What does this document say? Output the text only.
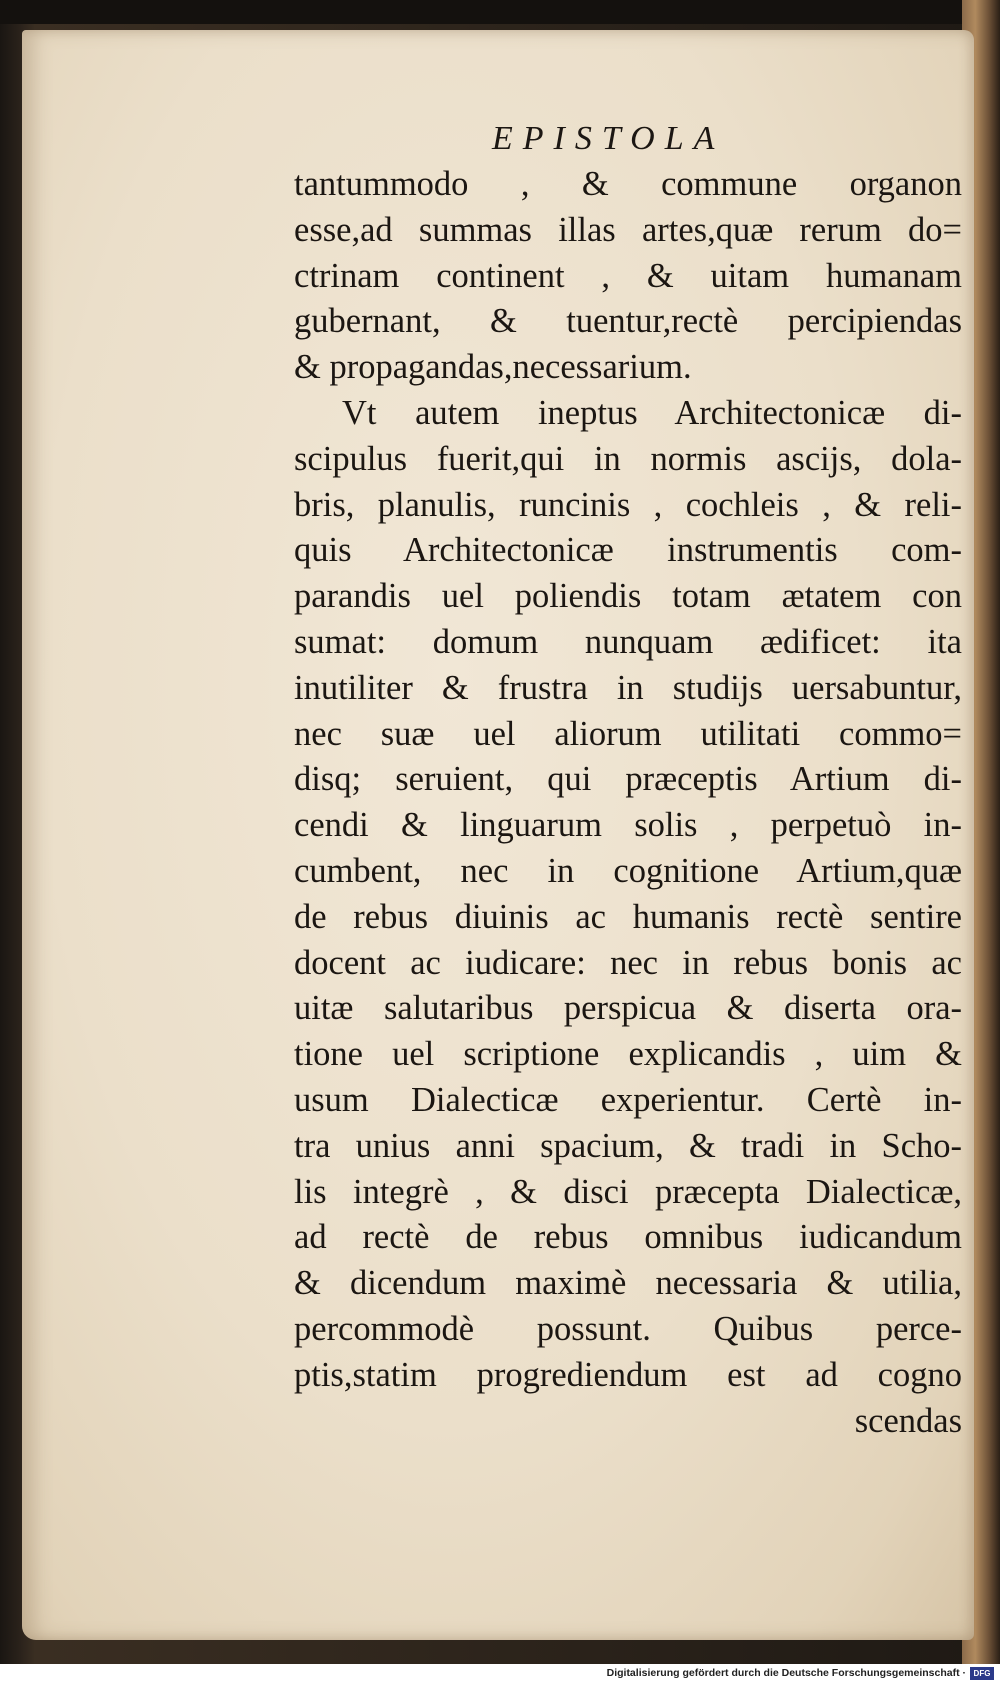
EPISTOLA
tantummodo , & commune organon
esse,ad summas illas artes,quæ rerum do=
ctrinam continent , & uitam humanam
gubernant, & tuentur,rectè percipiendas
& propagandas,necessarium.
Vt autem ineptus Architectonicæ di-
scipulus fuerit,qui in normis ascijs, dola-
bris, planulis, runcinis , cochleis , & reli-
quis Architectonicæ instrumentis com-
parandis uel poliendis totam ætatem con
sumat: domum nunquam ædificet: ita
inutiliter & frustra in studijs uersabuntur,
nec suæ uel aliorum utilitati commo=
disq; seruient, qui præceptis Artium di-
cendi & linguarum solis , perpetuò in-
cumbent, nec in cognitione Artium,quæ
de rebus diuinis ac humanis rectè sentire
docent ac iudicare: nec in rebus bonis ac
uitæ salutaribus perspicua & diserta ora-
tione uel scriptione explicandis , uim &
usum Dialecticæ experientur. Certè in-
tra unius anni spacium, & tradi in Scho-
lis integrè , & disci præcepta Dialecticæ,
ad rectè de rebus omnibus iudicandum
& dicendum maximè necessaria & utilia,
percommodè possunt. Quibus perce-
ptis,statim progrediendum est ad cogno
scendas
Digitalisierung gefördert durch die Deutsche Forschungsgemeinschaft · DFG
